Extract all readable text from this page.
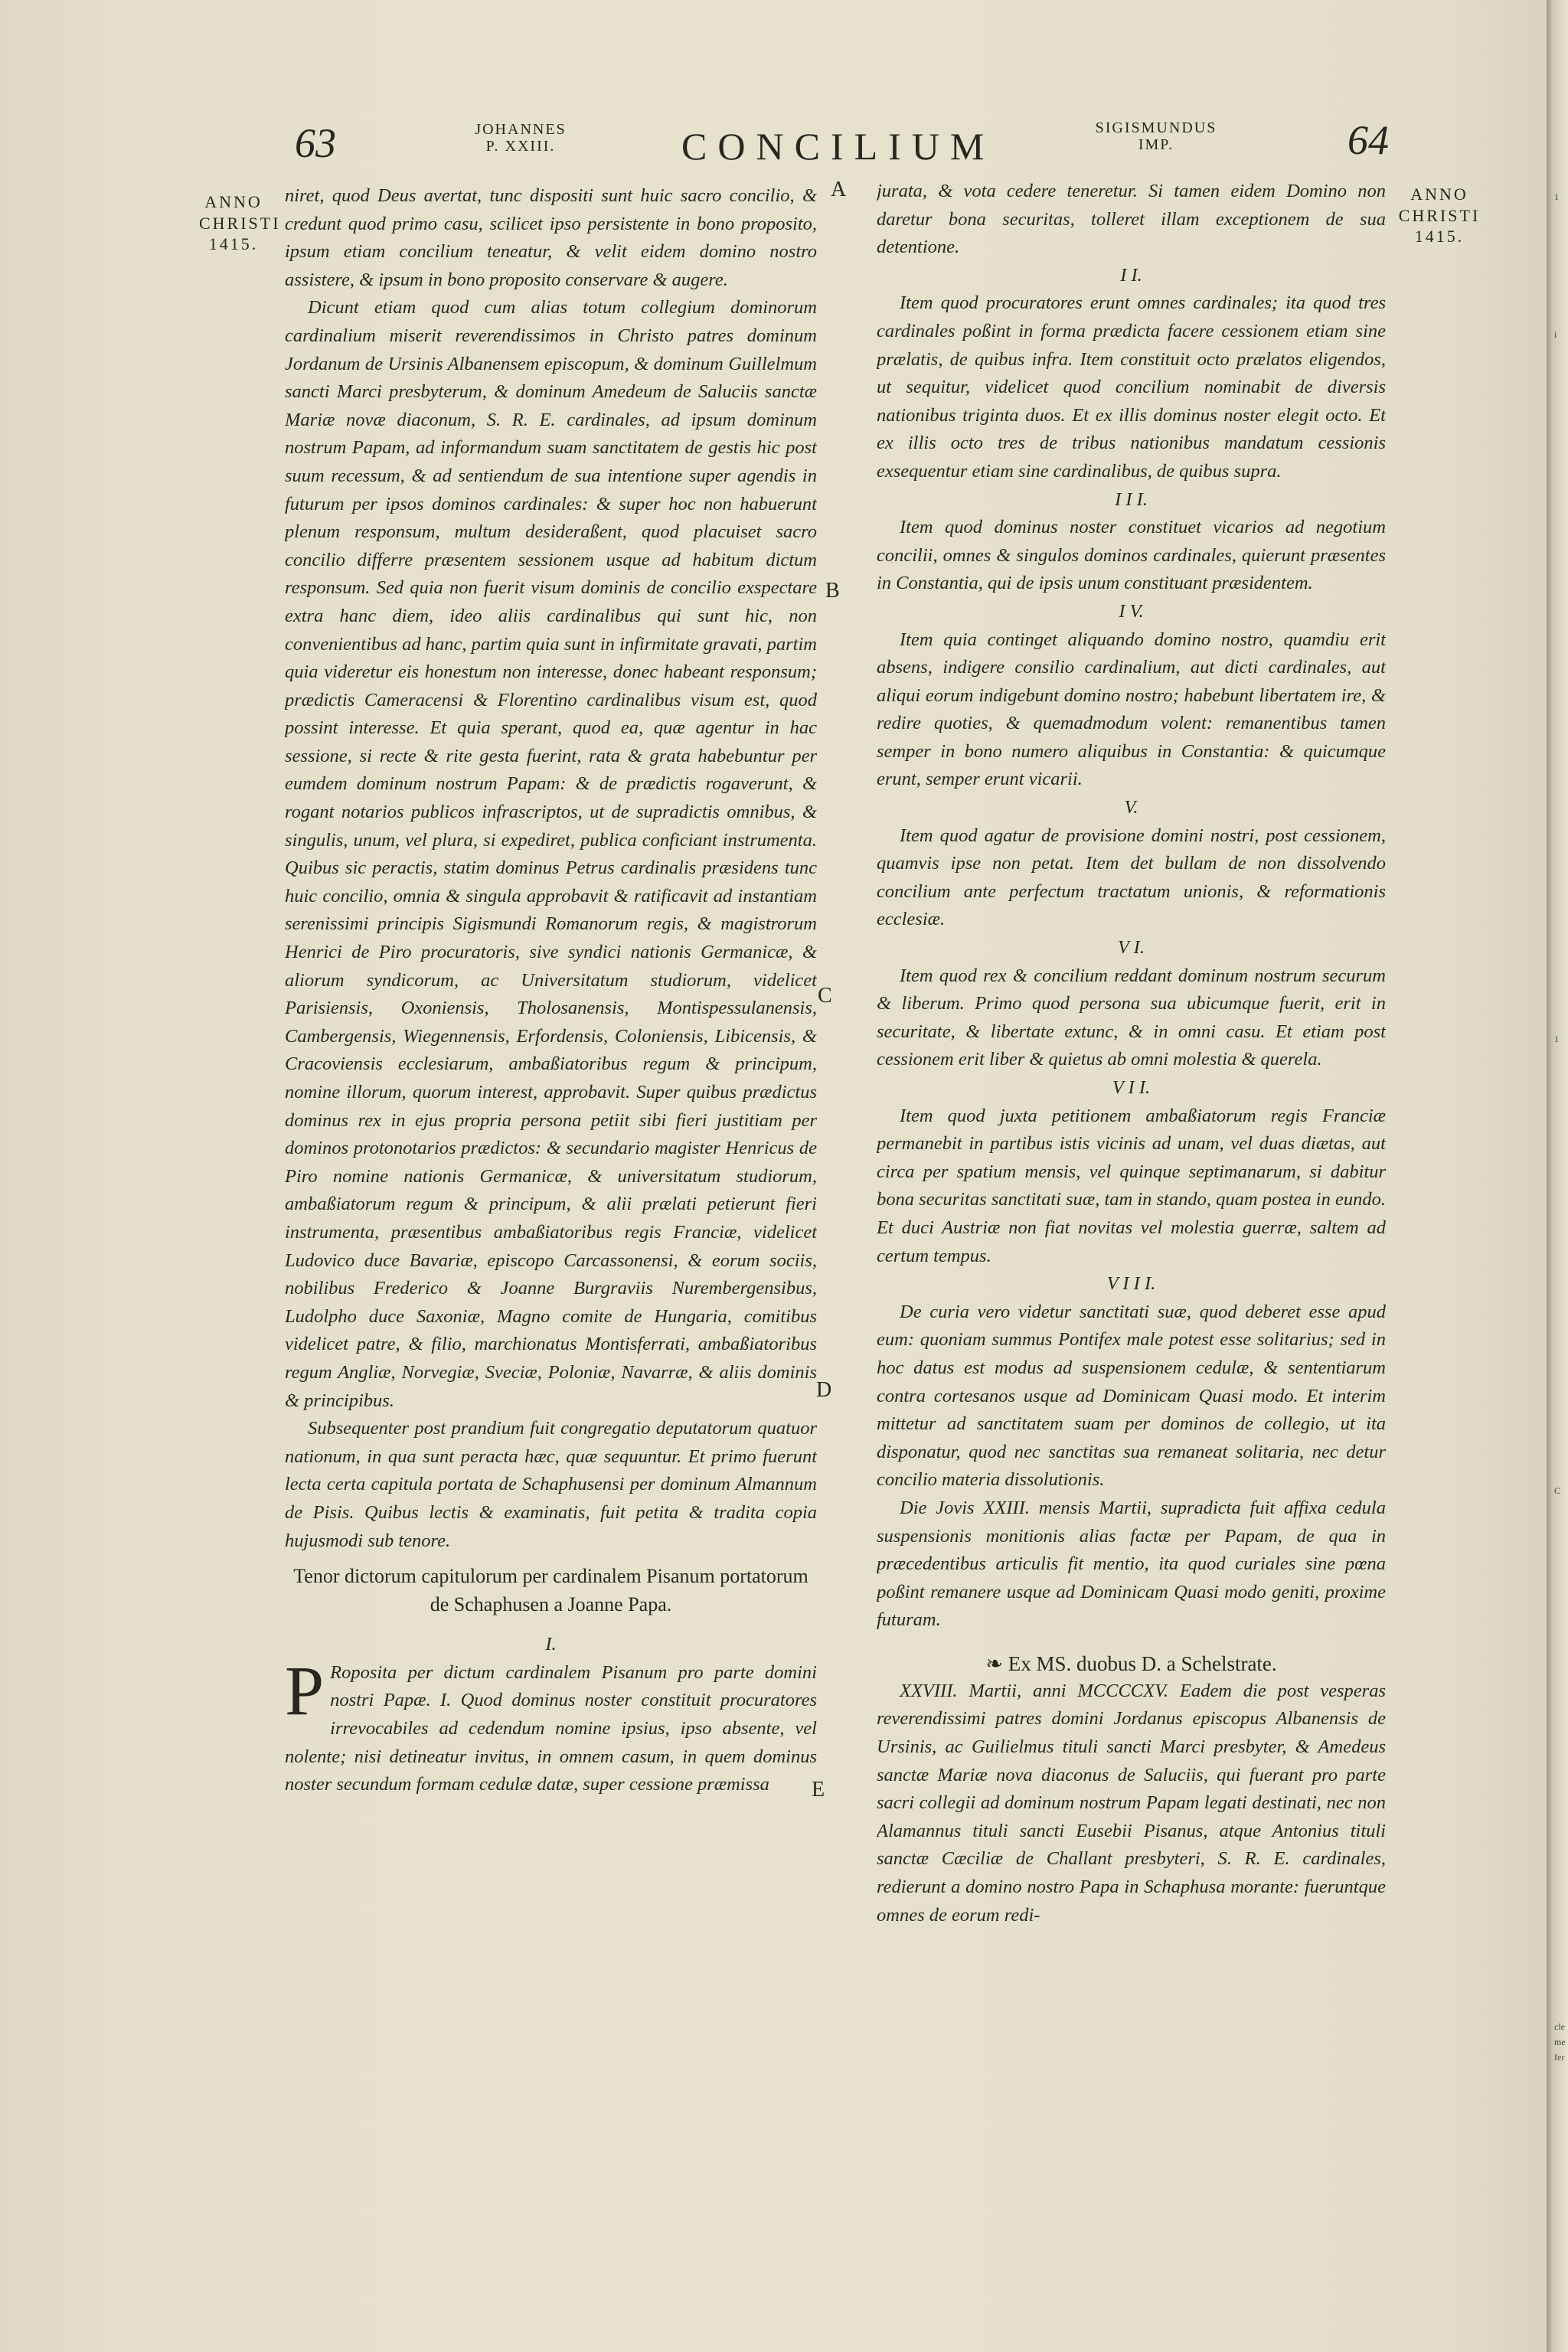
63	JOHANNES
P. XXIII.	CONCILIUM	SIGISMUNDUS
IMP.	64
ANNO
CHRISTI
1415.
ANNO
CHRISTI
1415.
A
B
C
D
E

niret, quod Deus avertat, tunc dispositi sunt huic sacro concilio, & credunt quod primo casu, scilicet ipso persistente in bono proposito, ipsum etiam concilium teneatur, & velit eidem domino nostro assistere, & ipsum in bono proposito conservare & augere.

Dicunt etiam quod cum alias totum collegium dominorum cardinalium miserit reverendissimos in Christo patres dominum Jordanum de Ursinis Albanensem episcopum, & dominum Guillelmum sancti Marci presbyterum, & dominum Amedeum de Saluciis sanctæ Mariæ novæ diaconum, S. R. E. cardinales, ad ipsum dominum nostrum Papam, ad informandum suam sanctitatem de gestis hic post suum recessum, & ad sentiendum de sua intentione super agendis in futurum per ipsos dominos cardinales: & super hoc non habuerunt plenum responsum, multum desideraßent, quod placuiset sacro concilio differre præsentem sessionem usque ad habitum dictum responsum. Sed quia non fuerit visum dominis de concilio exspectare extra hanc diem, ideo aliis cardinalibus qui sunt hic, non convenientibus ad hanc, partim quia sunt in infirmitate gravati, partim quia videretur eis honestum non interesse, donec habeant responsum; prædictis Cameracensi & Florentino cardinalibus visum est, quod possint interesse. Et quia sperant, quod ea, quæ agentur in hac sessione, si recte & rite gesta fuerint, rata & grata habebuntur per eumdem dominum nostrum Papam: & de prædictis rogaverunt, & rogant notarios publicos infrascriptos, ut de supradictis omnibus, & singulis, unum, vel plura, si expediret, publica conficiant instrumenta. Quibus sic peractis, statim dominus Petrus cardinalis præsidens tunc huic concilio, omnia & singula approbavit & ratificavit ad instantiam serenissimi principis Sigismundi Romanorum regis, & magistrorum Henrici de Piro procuratoris, sive syndici nationis Germanicæ, & aliorum syndicorum, ac Universitatum studiorum, videlicet Parisiensis, Oxoniensis, Tholosanensis, Montispessulanensis, Cambergensis, Wiegennensis, Erfordensis, Coloniensis, Libicensis, & Cracoviensis ecclesiarum, ambaßiatoribus regum & principum, nomine illorum, quorum interest, approbavit. Super quibus prædictus dominus rex in ejus propria persona petiit sibi fieri justitiam per dominos protonotarios prædictos: & secundario magister Henricus de Piro nomine nationis Germanicæ, & universitatum studiorum, ambaßiatorum regum & principum, & alii prælati petierunt fieri instrumenta, præsentibus ambaßiatoribus regis Franciæ, videlicet Ludovico duce Bavariæ, episcopo Carcassonensi, & eorum sociis, nobilibus Frederico & Joanne Burgraviis Nurembergensibus, Ludolpho duce Saxoniæ, Magno comite de Hungaria, comitibus videlicet patre, & filio, marchionatus Montisferrati, ambaßiatoribus regum Angliæ, Norvegiæ, Sveciæ, Poloniæ, Navarræ, & aliis dominis & principibus.

Subsequenter post prandium fuit congregatio deputatorum quatuor nationum, in qua sunt peracta hæc, quæ sequuntur. Et primo fuerunt lecta certa capitula portata de Schaphusensi per dominum Almannum de Pisis. Quibus lectis & examinatis, fuit petita & tradita copia hujusmodi sub tenore.

Tenor dictorum capitulorum per cardinalem Pisanum portatorum de Schaphusen a Joanne Papa.

I.

P Roposita per dictum cardinalem Pisanum pro parte domini nostri Papæ. I. Quod dominus noster constituit procuratores irrevocabiles ad cedendum nomine ipsius, ipso absente, vel nolente; nisi detineatur invitus, in omnem casum, in quem dominus noster secundum formam cedulæ datæ, super cessione præmissa

jurata, & vota cedere teneretur. Si tamen eidem Domino non daretur bona securitas, tolleret illam exceptionem de sua detentione.

I I.

Item quod procuratores erunt omnes cardinales; ita quod tres cardinales poßint in forma prædicta facere cessionem etiam sine prælatis, de quibus infra. Item constituit octo prælatos eligendos, ut sequitur, videlicet quod concilium nominabit de diversis nationibus triginta duos. Et ex illis dominus noster elegit octo. Et ex illis octo tres de tribus nationibus mandatum cessionis exsequentur etiam sine cardinalibus, de quibus supra.

I I I.

Item quod dominus noster constituet vicarios ad negotium concilii, omnes & singulos dominos cardinales, quierunt præsentes in Constantia, qui de ipsis unum constituant præsidentem.

I V.

Item quia continget aliquando domino nostro, quamdiu erit absens, indigere consilio cardinalium, aut dicti cardinales, aut aliqui eorum indigebunt domino nostro; habebunt libertatem ire, & redire quoties, & quemadmodum volent: remanentibus tamen semper in bono numero aliquibus in Constantia: & quicumque erunt, semper erunt vicarii.

V.

Item quod agatur de provisione domini nostri, post cessionem, quamvis ipse non petat. Item det bullam de non dissolvendo concilium ante perfectum tractatum unionis, & reformationis ecclesiæ.

V I.

Item quod rex & concilium reddant dominum nostrum securum & liberum. Primo quod persona sua ubicumque fuerit, erit in securitate, & libertate extunc, & in omni casu. Et etiam post cessionem erit liber & quietus ab omni molestia & querela.

V I I.

Item quod juxta petitionem ambaßiatorum regis Franciæ permanebit in partibus istis vicinis ad unam, vel duas diætas, aut circa per spatium mensis, vel quinque septimanarum, si dabitur bona securitas sanctitati suæ, tam in stando, quam postea in eundo. Et duci Austriæ non fiat novitas vel molestia guerræ, saltem ad certum tempus.

V I I I.

De curia vero videtur sanctitati suæ, quod deberet esse apud eum: quoniam summus Pontifex male potest esse solitarius; sed in hoc datus est modus ad suspensionem cedulæ, & sententiarum contra cortesanos usque ad Dominicam Quasi modo. Et interim mittetur ad sanctitatem suam per dominos de collegio, ut ita disponatur, quod nec sanctitas sua remaneat solitaria, nec detur concilio materia dissolutionis.

Die Jovis XXIII. mensis Martii, supradicta fuit affixa cedula suspensionis monitionis alias factæ per Papam, de qua in præcedentibus articulis fit mentio, ita quod curiales sine pœna poßint remanere usque ad Dominicam Quasi modo geniti, proxime futuram.

❧ Ex MS. duobus D. a Schelstrate.

XXVIII. Martii, anni MCCCCXV. Eadem die post vesperas reverendissimi patres domini Jordanus episcopus Albanensis de Ursinis, ac Guilielmus tituli sancti Marci presbyter, & Amedeus sanctæ Mariæ nova diaconus de Saluciis, qui fuerant pro parte sacri collegii ad dominum nostrum Papam legati destinati, nec non Alamannus tituli sancti Eusebii Pisanus, atque Antonius tituli sanctæ Cæciliæ de Challant presbyteri, S. R. E. cardinales, redierunt a domino nostro Papa in Schaphusa morante: fueruntque omnes de eorum redi-

1
i
1
C
cle
me
fer
